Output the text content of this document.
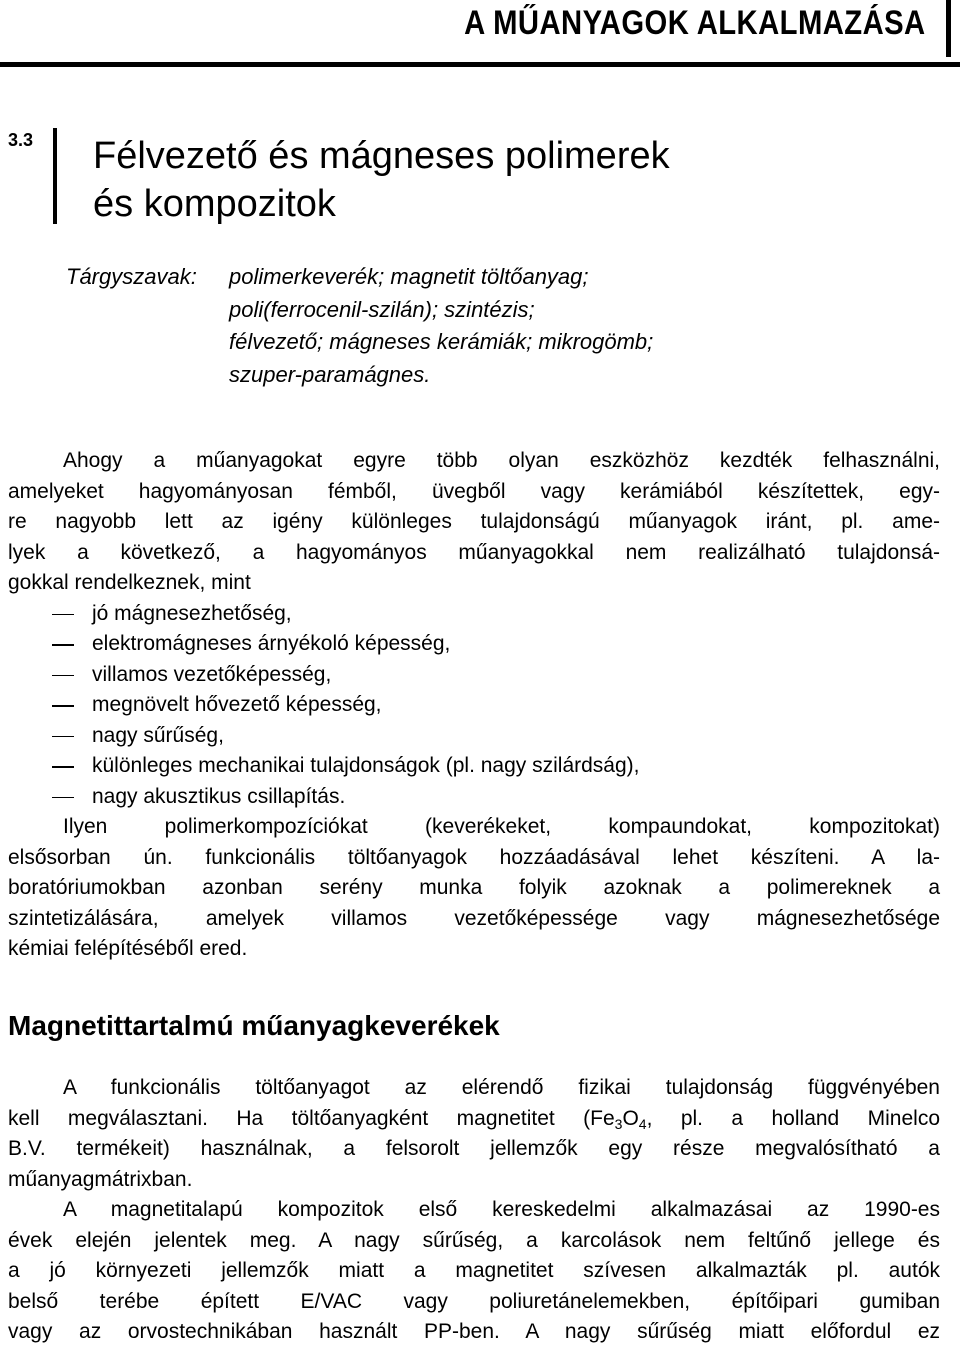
A MŰANYAGOK ALKALMAZÁSA
3.3 Félvezető és mágneses polimerek
és kompozitok
Tárgyszavak: polimerkeverék; magnetit töltőanyag;
poli(ferrocenil-szilán); szintézis;
félvezető; mágneses kerámiák; mikrogömb;
szuper-paramágnes.
Ahogy a műanyagokat egyre több olyan eszközhöz kezdték felhasználni,
amelyeket hagyományosan fémből, üvegből vagy kerámiából készítettek, egy-
re nagyobb lett az igény különleges tulajdonságú műanyagok iránt, pl. ame-
lyek a következő, a hagyományos műanyagokkal nem realizálható tulajdonsá-
gokkal rendelkeznek, mint
jó mágnesezhetőség,
elektromágneses árnyékoló képesség,
villamos vezetőképesség,
megnövelt hővezető képesség,
nagy sűrűség,
különleges mechanikai tulajdonságok (pl. nagy szilárdság),
nagy akusztikus csillapítás.
Ilyen polimerkompozíciókat (keverékeket, kompaundokat, kompozitokat)
elsősorban ún. funkcionális töltőanyagok hozzáadásával lehet készíteni. A la-
boratóriumokban azonban serény munka folyik azoknak a polimereknek a
szintetizálására, amelyek villamos vezetőképessége vagy mágnesezhetősége
kémiai felépítéséből ered.
Magnetittartalmú műanyagkeverékek
A funkcionális töltőanyagot az elérendő fizikai tulajdonság függvényében
kell megválasztani. Ha töltőanyagként magnetitet ($Fe_3O_4$, pl. a holland Minelco
B.V. termékeit) használnak, a felsorolt jellemzők egy része megvalósítható a
műanyagmátrixban.
A magnetitalapú kompozitok első kereskedelmi alkalmazásai az 1990-es
évek elején jelentek meg. A nagy sűrűség, a karcolások nem feltűnő jellege és
a jó környezeti jellemzők miatt a magnetitet szívesen alkalmazták pl. autók
belső terébe épített E/VAC vagy poliuretánelemekben, építőipari gumiban
vagy az orvostechnikában használt PP-ben. A nagy sűrűség miatt előfordul ez
